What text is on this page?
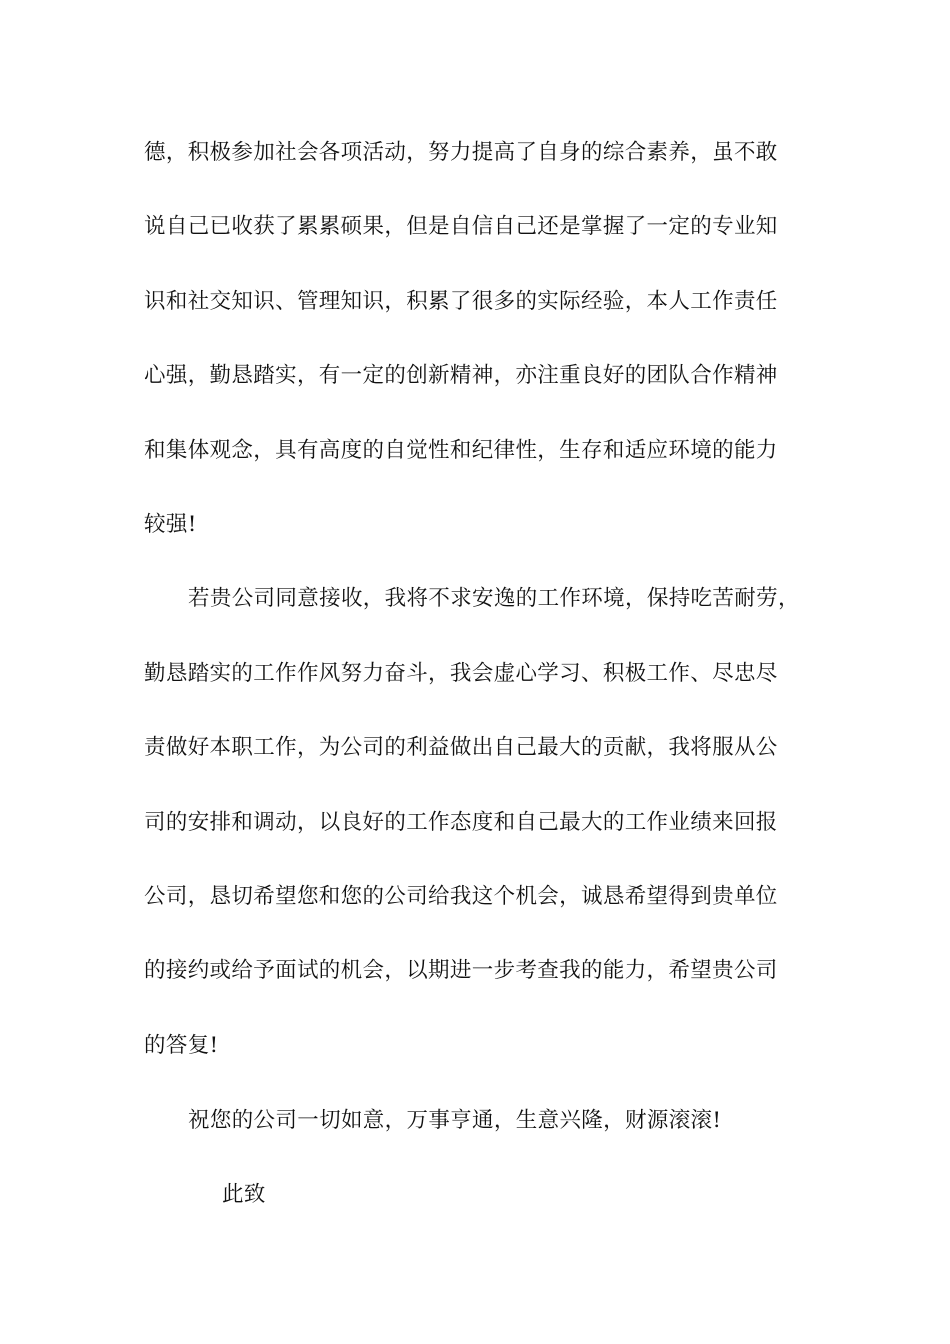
德，积极参加社会各项活动，努力提高了自身的综合素养，虽不敢
说自己已收获了累累硕果，但是自信自己还是掌握了一定的专业知
识和社交知识、管理知识，积累了很多的实际经验，本人工作责任
心强，勤恳踏实，有一定的创新精神，亦注重良好的团队合作精神
和集体观念，具有高度的自觉性和纪律性，生存和适应环境的能力
较强!
若贵公司同意接收，我将不求安逸的工作环境，保持吃苦耐劳，
勤恳踏实的工作作风努力奋斗，我会虚心学习、积极工作、尽忠尽
责做好本职工作，为公司的利益做出自己最大的贡献，我将服从公
司的安排和调动，以良好的工作态度和自己最大的工作业绩来回报
公司，恳切希望您和您的公司给我这个机会，诚恳希望得到贵单位
的接约或给予面试的机会，以期进一步考查我的能力，希望贵公司
的答复!
祝您的公司一切如意，万事亨通，生意兴隆，财源滚滚!
此致
